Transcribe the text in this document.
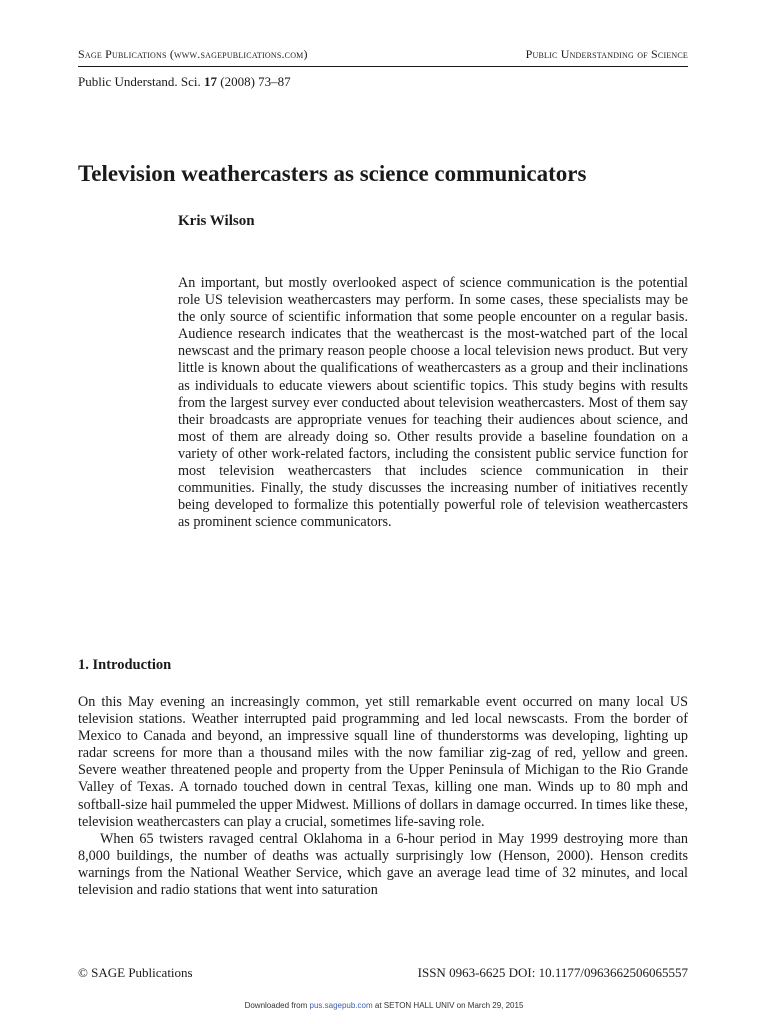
Sage Publications (www.sagepublications.com)	Public Understanding of Science
Public Understand. Sci. 17 (2008) 73–87
Television weathercasters as science communicators
Kris Wilson

An important, but mostly overlooked aspect of science communication is the potential role US television weathercasters may perform. In some cases, these specialists may be the only source of scientific information that some people encounter on a regular basis. Audience research indicates that the weathercast is the most-watched part of the local newscast and the primary reason people choose a local television news product. But very little is known about the qualifications of weathercasters as a group and their inclinations as individuals to educate viewers about scientific topics. This study begins with results from the largest survey ever conducted about television weathercasters. Most of them say their broadcasts are appropriate venues for teaching their audiences about science, and most of them are already doing so. Other results provide a baseline foundation on a variety of other work-related factors, including the consistent public service function for most television weathercasters that includes science communication in their communities. Finally, the study discusses the increasing number of initiatives recently being developed to formalize this potentially powerful role of television weathercasters as prominent science communicators.

1. Introduction

On this May evening an increasingly common, yet still remarkable event occurred on many local US television stations. Weather interrupted paid programming and led local newscasts. From the border of Mexico to Canada and beyond, an impressive squall line of thunderstorms was developing, lighting up radar screens for more than a thousand miles with the now familiar zig-zag of red, yellow and green. Severe weather threatened people and property from the Upper Peninsula of Michigan to the Rio Grande Valley of Texas. A tornado touched down in central Texas, killing one man. Winds up to 80 mph and softball-size hail pummeled the upper Midwest. Millions of dollars in damage occurred. In times like these, television weathercasters can play a crucial, sometimes life-saving role.

When 65 twisters ravaged central Oklahoma in a 6-hour period in May 1999 destroying more than 8,000 buildings, the number of deaths was actually surprisingly low (Henson, 2000). Henson credits warnings from the National Weather Service, which gave an average lead time of 32 minutes, and local television and radio stations that went into saturation

© SAGE Publications	ISSN 0963-6625 DOI: 10.1177/0963662506065557
Downloaded from pus.sagepub.com at SETON HALL UNIV on March 29, 2015
